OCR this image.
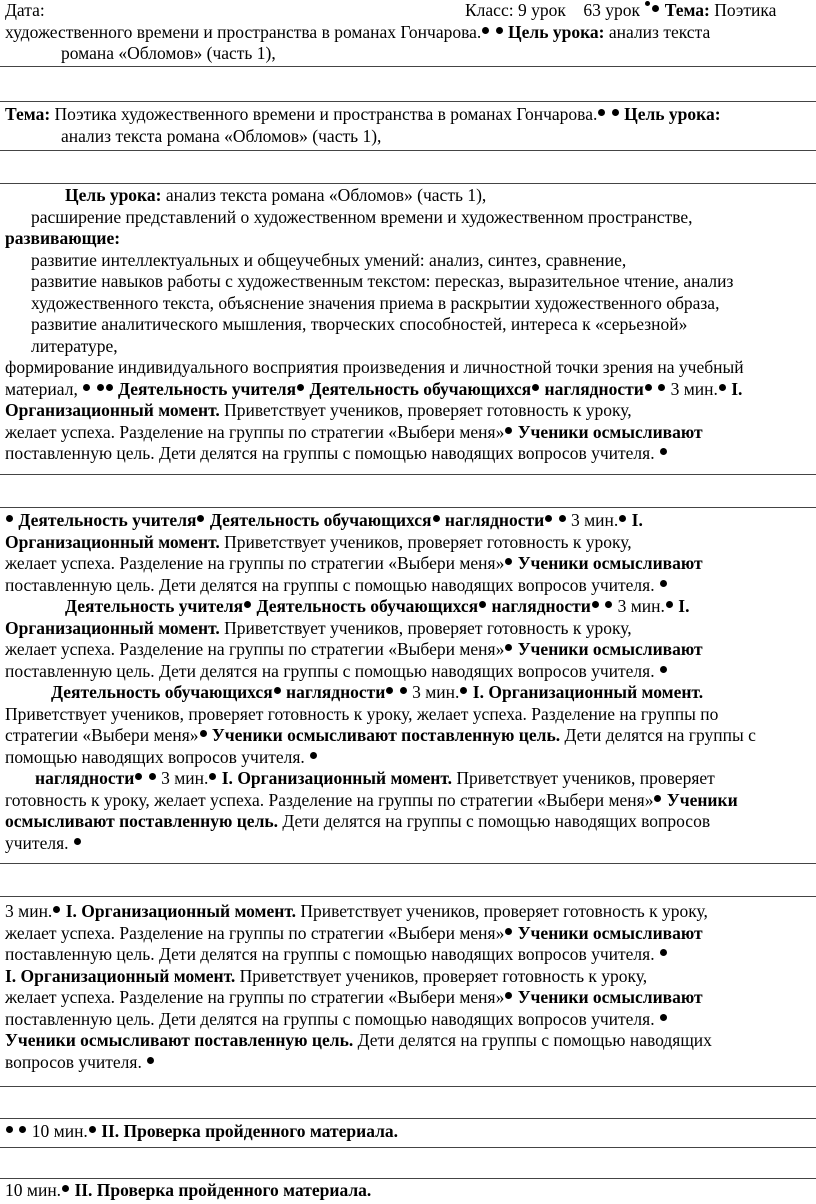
Дата:	Класс: 9 урок 63 урок Тема: Поэтика
художественного времени и пространства в романах Гончарова. Цель урока: анализ текста
романа «Обломов» (часть 1),
Тема: Поэтика художественного времени и пространства в романах Гончарова. Цель урока:
анализ текста романа «Обломов» (часть 1),
Цель урока: анализ текста романа «Обломов» (часть 1),
расширение представлений о художественном времени и художественном пространстве,
развивающие:
развитие интеллектуальных и общеучебных умений: анализ, синтез, сравнение,
развитие навыков работы с художественным текстом: пересказ, выразительное чтение, анализ
художественного текста, объяснение значения приема в раскрытии художественного образа,
развитие аналитического мышления, творческих способностей, интереса к «серьезной»
литературе,
формирование индивидуального восприятия произведения и личностной точки зрения на учебный
материал, Деятельность учителя Деятельность обучающихся наглядности 3 мин. I.
Организационный момент. Приветствует учеников, проверяет готовность к уроку,
желает успеха. Разделение на группы по стратегии «Выбери меня» Ученики осмысливают
поставленную цель. Дети делятся на группы с помощью наводящих вопросов учителя.
Деятельность учителя Деятельность обучающихся наглядности 3 мин. I.
Организационный момент. Приветствует учеников, проверяет готовность к уроку,
желает успеха. Разделение на группы по стратегии «Выбери меня» Ученики осмысливают
поставленную цель. Дети делятся на группы с помощью наводящих вопросов учителя.
Деятельность учителя Деятельность обучающихся наглядности 3 мин. I.
Организационный момент. Приветствует учеников, проверяет готовность к уроку,
желает успеха. Разделение на группы по стратегии «Выбери меня» Ученики осмысливают
поставленную цель. Дети делятся на группы с помощью наводящих вопросов учителя.
Деятельность обучающихся наглядности 3 мин. I. Организационный момент.
Приветствует учеников, проверяет готовность к уроку, желает успеха. Разделение на группы по
стратегии «Выбери меня» Ученики осмысливают поставленную цель. Дети делятся на группы с
помощью наводящих вопросов учителя.
наглядности 3 мин. I. Организационный момент. Приветствует учеников, проверяет
готовность к уроку, желает успеха. Разделение на группы по стратегии «Выбери меня» Ученики
осмысливают поставленную цель. Дети делятся на группы с помощью наводящих вопросов
учителя.
3 мин. I. Организационный момент. Приветствует учеников, проверяет готовность к уроку,
желает успеха. Разделение на группы по стратегии «Выбери меня» Ученики осмысливают
поставленную цель. Дети делятся на группы с помощью наводящих вопросов учителя.
I. Организационный момент. Приветствует учеников, проверяет готовность к уроку,
желает успеха. Разделение на группы по стратегии «Выбери меня» Ученики осмысливают
поставленную цель. Дети делятся на группы с помощью наводящих вопросов учителя.
Ученики осмысливают поставленную цель. Дети делятся на группы с помощью наводящих
вопросов учителя.
10 мин. II. Проверка пройденного материала.
10 мин. II. Проверка пройденного материала.
